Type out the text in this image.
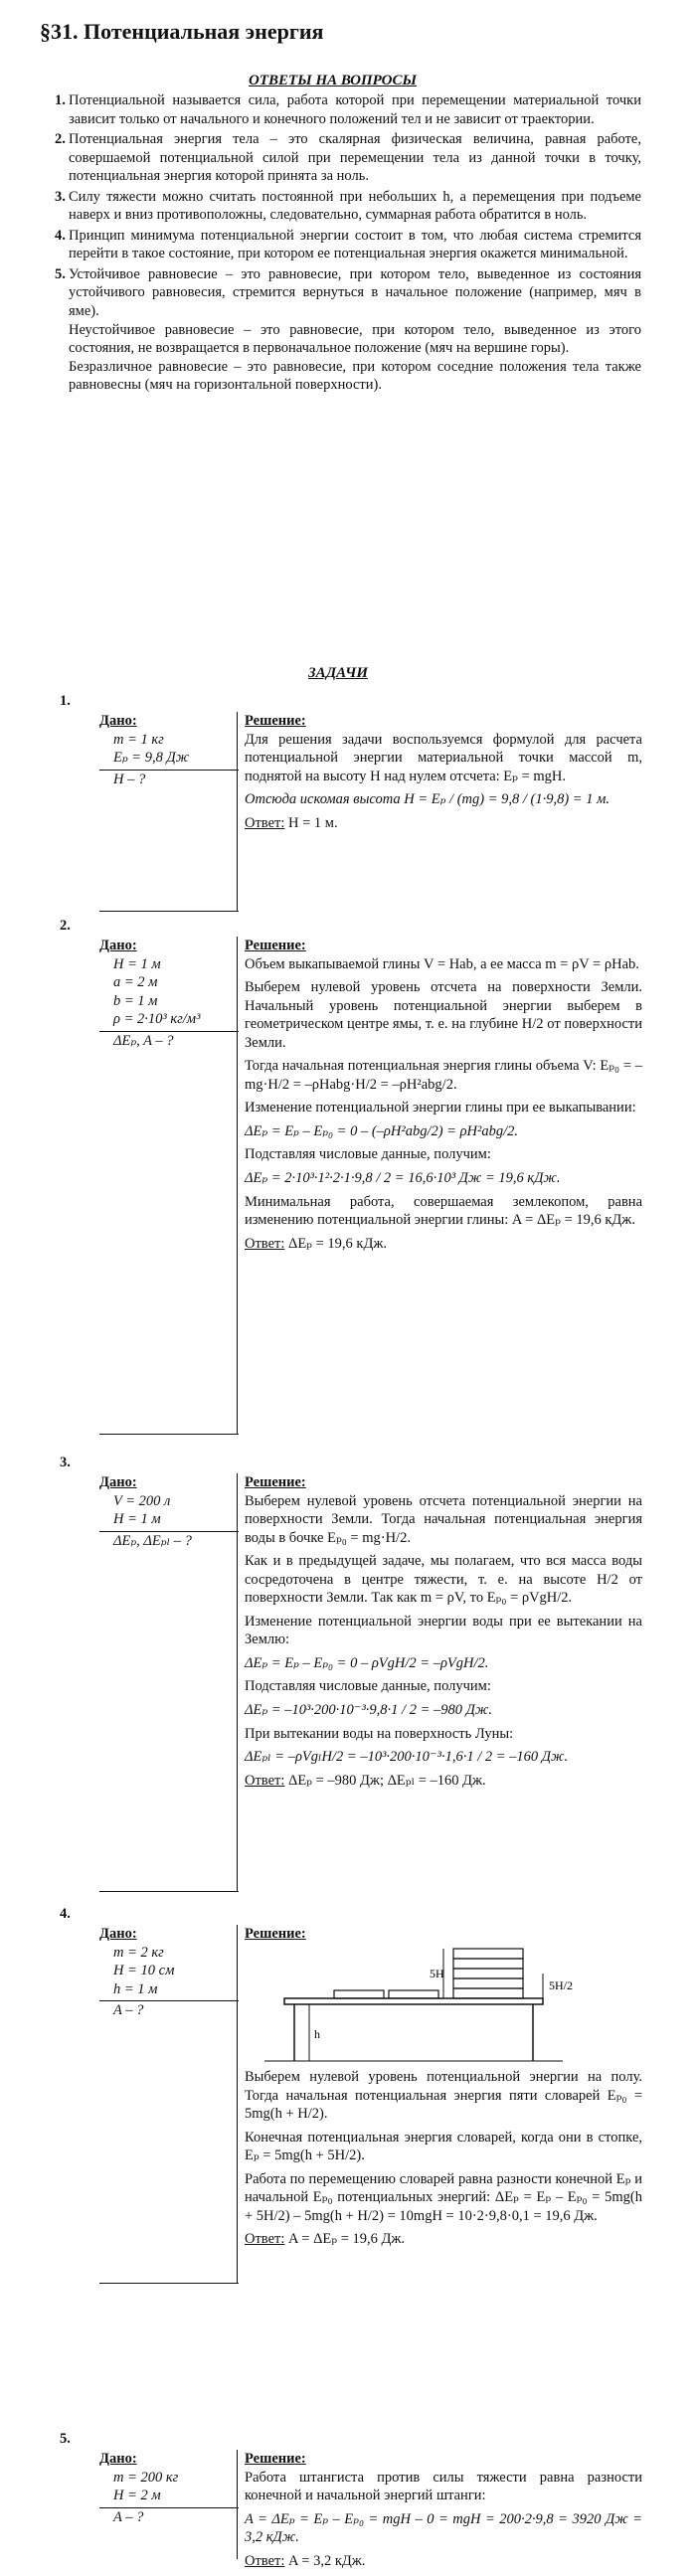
§31. Потенциальная энергия
ОТВЕТЫ НА ВОПРОСЫ
1. Потенциальной называется сила, работа которой при перемещении материальной точки зависит только от начального и конечного положений тел и не зависит от траектории.
2. Потенциальная энергия тела – это скалярная физическая величина, равная работе, совершаемой потенциальной силой при перемещении тела из данной точки в точку, потенциальная энергия которой принята за ноль.
3. Силу тяжести можно считать постоянной при небольших h, а перемещения при подъеме наверх и вниз противоположны, следовательно, суммарная работа обратится в ноль.
4. Принцип минимума потенциальной энергии состоит в том, что любая система стремится перейти в такое состояние, при котором ее потенциальная энергия окажется минимальной.
5. Устойчивое равновесие – это равновесие, при котором тело, выведенное из состояния устойчивого равновесия, стремится вернуться в начальное положение (например, мяч в яме).
Неустойчивое равновесие – это равновесие, при котором тело, выведенное из этого состояния, не возвращается в первоначальное положение (мяч на вершине горы).
Безразличное равновесие – это равновесие, при котором соседние положения тела также равновесны (мяч на горизонтальной поверхности).
ЗАДАЧИ
1.
Дано:
m = 1 кг
Eₚ = 9,8 Дж
H – ?
Решение:

Для решения задачи воспользуемся формулой для расчета потенциальной энергии материальной точки массой m, поднятой на высоту H над нулем отсчета: Eₚ = mgH.

Отсюда искомая высота H = Eₚ / (mg) = 9,8 / (1·9,8) = 1 м.

Ответ: H = 1 м.
2.
Дано:
H = 1 м
a = 2 м
b = 1 м
ρ = 2·10³ кг/м³
ΔEₚ, A – ?
Решение:

Объем выкапываемой глины V = Hab, а ее масса m = ρV = ρHab.

Выберем нулевой уровень отсчета на поверхности Земли. Начальный уровень потенциальной энергии выберем в геометрическом центре ямы, т. е. на глубине H/2 от поверхности Земли.

Тогда начальная потенциальная энергия глины объема V: Eₚ₀ = –mg·H/2 = –ρHabg·H/2 = –ρH²abg/2.

Изменение потенциальной энергии глины при ее выкапывании:

ΔEₚ = Eₚ – Eₚ₀ = 0 – (–ρH²abg/2) = ρH²abg/2.

Подставляя числовые данные, получим:

ΔEₚ = 2·10³·1²·2·1·9,8 / 2 = 16,6·10³ Дж = 19,6 кДж.

Минимальная работа, совершаемая землекопом, равна изменению потенциальной энергии глины: A = ΔEₚ = 19,6 кДж.

Ответ: ΔEₚ = 19,6 кДж.
3.
Дано:
V = 200 л
H = 1 м
ΔEₚ, ΔEₚₗ – ?
Решение:

Выберем нулевой уровень отсчета потенциальной энергии на поверхности Земли. Тогда начальная потенциальная энергия воды в бочке Eₚ₀ = mg·H/2.

Как и в предыдущей задаче, мы полагаем, что вся масса воды сосредоточена в центре тяжести, т. е. на высоте H/2 от поверхности Земли. Так как m = ρV, то Eₚ₀ = ρVgH/2.

Изменение потенциальной энергии воды при ее вытекании на Землю:

ΔEₚ = Eₚ – Eₚ₀ = 0 – ρVgH/2 = –ρVgH/2.

Подставляя числовые данные, получим:

ΔEₚ = –10³·200·10⁻³·9,8·1 / 2 = –980 Дж.

При вытекании воды на поверхность Луны:

ΔEₚₗ = –ρVgₗH/2 = –10³·200·10⁻³·1,6·1 / 2 = –160 Дж.

Ответ: ΔEₚ = –980 Дж; ΔEₚₗ = –160 Дж.
4.
Дано:
m = 2 кг
H = 10 см
h = 1 м
A – ?
Решение:
5H
5H/2
h

Выберем нулевой уровень потенциальной энергии на полу. Тогда начальная потенциальная энергия пяти словарей Eₚ₀ = 5mg(h + H/2).

Конечная потенциальная энергия словарей, когда они в стопке, Eₚ = 5mg(h + 5H/2).

Работа по перемещению словарей равна разности конечной Eₚ и начальной Eₚ₀ потенциальных энергий: ΔEₚ = Eₚ – Eₚ₀ = 5mg(h + 5H/2) – 5mg(h + H/2) = 10mgH = 10·2·9,8·0,1 = 19,6 Дж.

Ответ: A = ΔEₚ = 19,6 Дж.
5.
Дано:
m = 200 кг
H = 2 м
A – ?
Решение:

Работа штангиста против силы тяжести равна разности конечной и начальной энергий штанги:

A = ΔEₚ = Eₚ – Eₚ₀ = mgH – 0 = mgH = 200·2·9,8 = 3920 Дж = 3,2 кДж.

Ответ: A = 3,2 кДж.
